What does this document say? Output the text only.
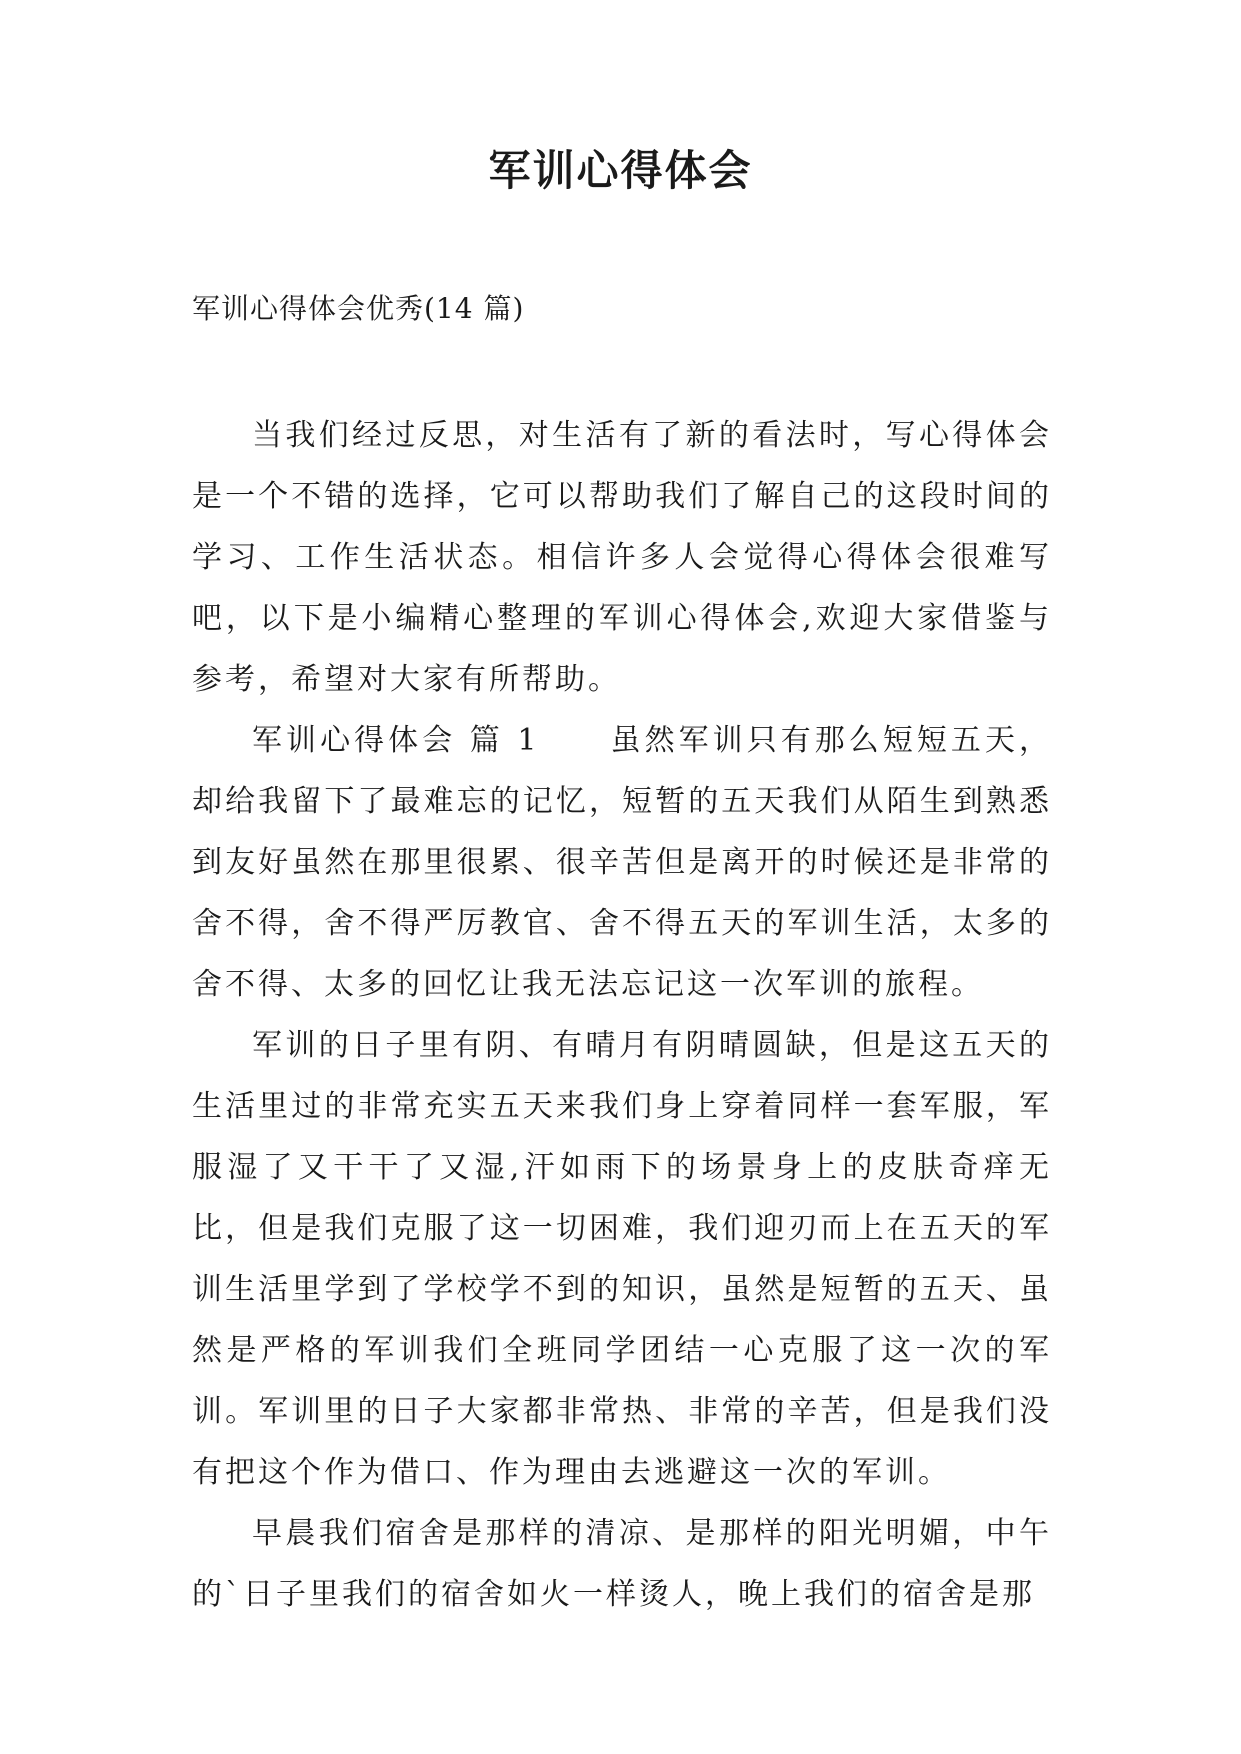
军训心得体会

军训心得体会优秀(14 篇)

当我们经过反思，对生活有了新的看法时，写心得体会是一个不错的选择，它可以帮助我们了解自己的这段时间的学习、工作生活状态。相信许多人会觉得心得体会很难写吧，以下是小编精心整理的军训心得体会,欢迎大家借鉴与参考，希望对大家有所帮助。

军训心得体会 篇 1 虽然军训只有那么短短五天，却给我留下了最难忘的记忆，短暂的五天我们从陌生到熟悉到友好虽然在那里很累、很辛苦但是离开的时候还是非常的舍不得，舍不得严厉教官、舍不得五天的军训生活，太多的舍不得、太多的回忆让我无法忘记这一次军训的旅程。

军训的日子里有阴、有晴月有阴晴圆缺，但是这五天的生活里过的非常充实五天来我们身上穿着同样一套军服，军服湿了又干干了又湿,汗如雨下的场景身上的皮肤奇痒无比，但是我们克服了这一切困难，我们迎刃而上在五天的军训生活里学到了学校学不到的知识，虽然是短暂的五天、虽然是严格的军训我们全班同学团结一心克服了这一次的军训。军训里的日子大家都非常热、非常的辛苦，但是我们没有把这个作为借口、作为理由去逃避这一次的军训。

早晨我们宿舍是那样的清凉、是那样的阳光明媚，中午的`日子里我们的宿舍如火一样烫人，晚上我们的宿舍是那
